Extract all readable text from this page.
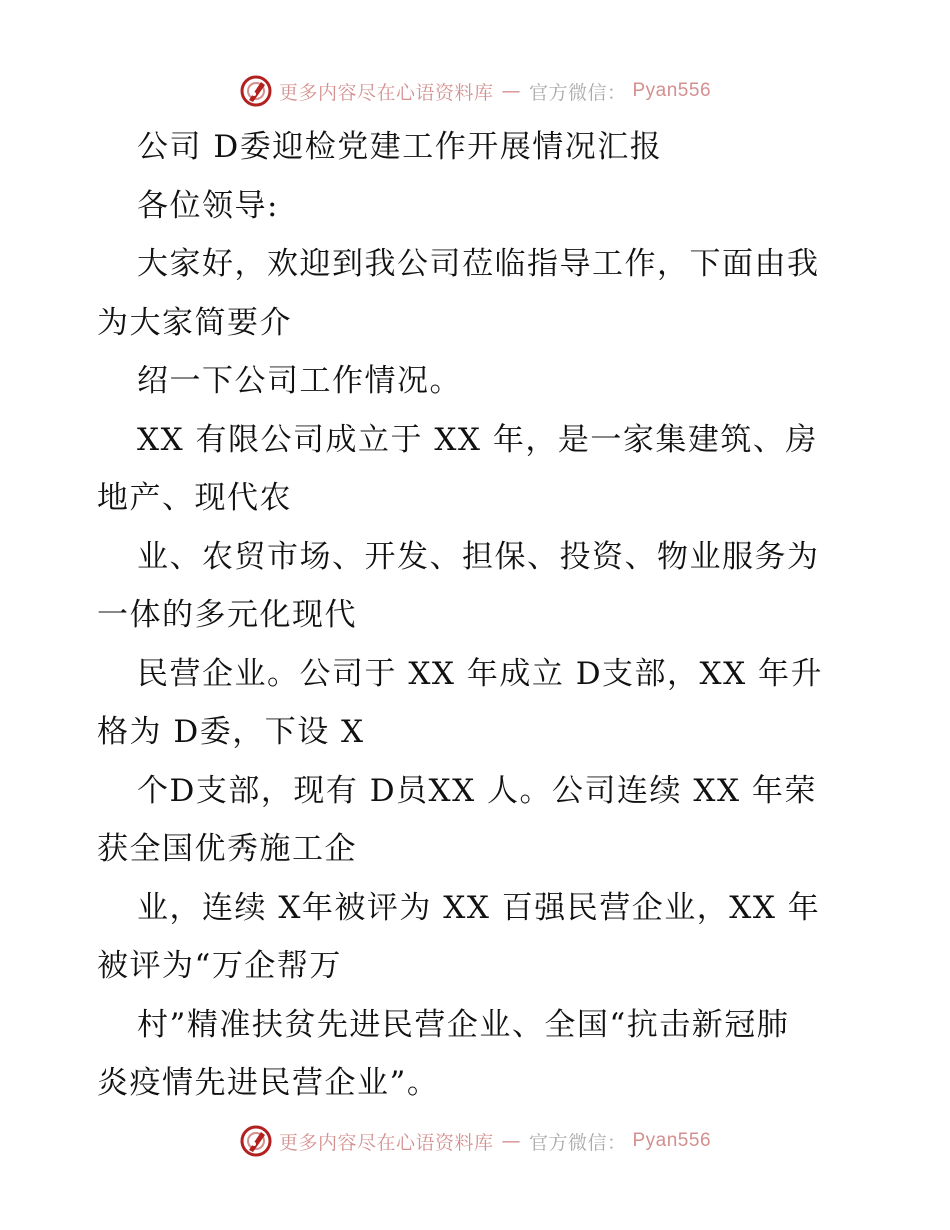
更多内容尽在心语资料库 — 官方微信： Pyan556
公司 D委迎检党建工作开展情况汇报
各位领导:
大家好，欢迎到我公司莅临指导工作，下面由我
为大家简要介
绍一下公司工作情况。
XX 有限公司成立于 XX 年，是一家集建筑、房
地产、现代农
业、农贸市场、开发、担保、投资、物业服务为
一体的多元化现代
民营企业。公司于 XX 年成立 D支部，XX 年升
格为 D委，下设 X
个D支部，现有 D员XX 人。公司连续 XX 年荣
获全国优秀施工企
业，连续 X年被评为 XX 百强民营企业，XX 年
被评为“万企帮万
村”精准扶贫先进民营企业、全国“抗击新冠肺
炎疫情先进民营企业”。
更多内容尽在心语资料库 — 官方微信： Pyan556
